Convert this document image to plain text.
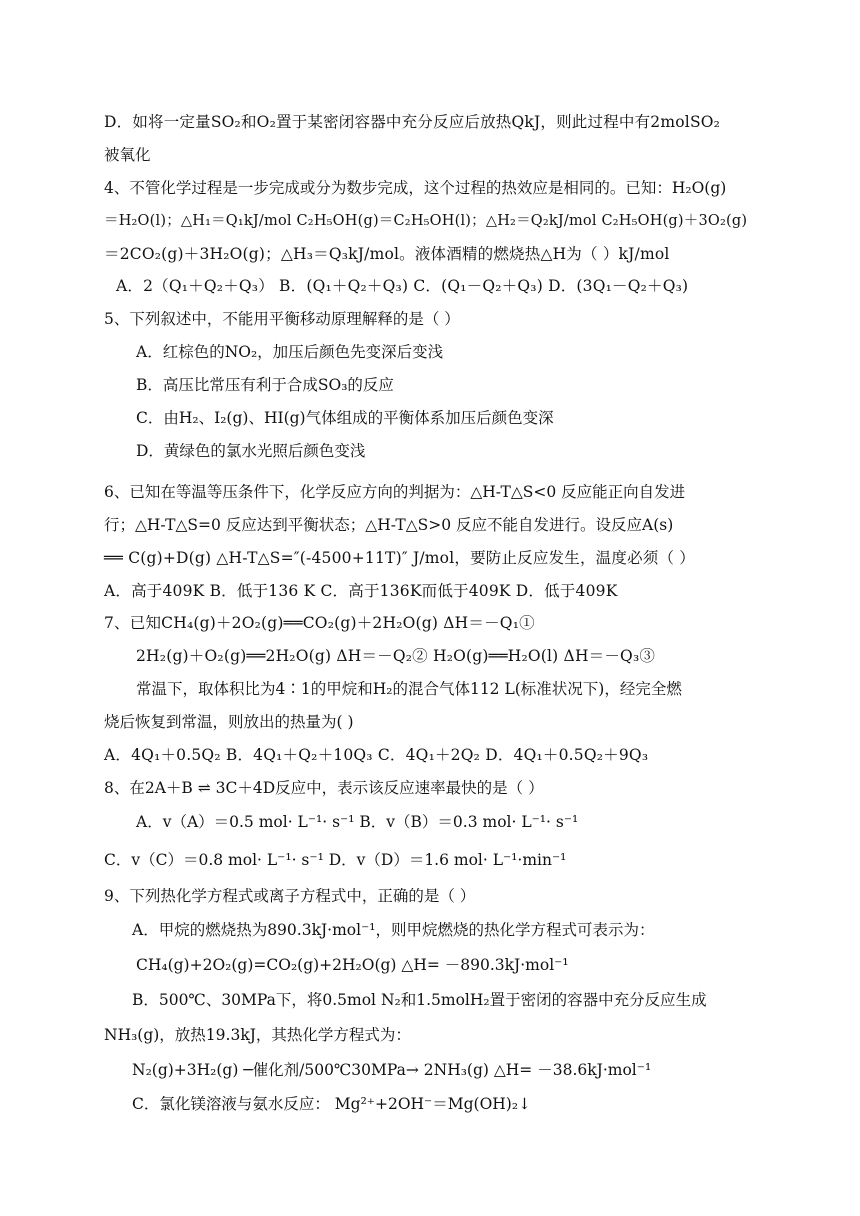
D．如将一定量SO₂和O₂置于某密闭容器中充分反应后放热QkJ，则此过程中有2molSO₂
被氧化
4、不管化学过程是一步完成或分为数步完成，这个过程的热效应是相同的。已知：H₂O(g)
＝H₂O(l)；△H₁＝Q₁kJ/mol C₂H₅OH(g)＝C₂H₅OH(l)；△H₂＝Q₂kJ/mol C₂H₅OH(g)＋3O₂(g)
＝2CO₂(g)＋3H₂O(g)；△H₃＝Q₃kJ/mol。液体酒精的燃烧热△H为（ ）kJ/mol
A．2（Q₁＋Q₂＋Q₃） B．(Q₁＋Q₂＋Q₃) C．(Q₁－Q₂＋Q₃) D．(3Q₁－Q₂＋Q₃)
5、下列叙述中，不能用平衡移动原理解释的是（ ）
A．红棕色的NO₂，加压后颜色先变深后变浅
B．高压比常压有利于合成SO₃的反应
C．由H₂、I₂(g)、HI(g)气体组成的平衡体系加压后颜色变深
D．黄绿色的氯水光照后颜色变浅
6、已知在等温等压条件下，化学反应方向的判据为：△H-T△S<0 反应能正向自发进
行；△H-T△S=0 反应达到平衡状态；△H-T△S>0 反应不能自发进行。设反应A(s)
══ C(g)+D(g) △H-T△S=″(-4500+11T)″ J/mol，要防止反应发生，温度必须（ ）
A．高于409K B．低于136 K C．高于136K而低于409K D．低于409K
7、已知CH₄(g)＋2O₂(g)══CO₂(g)＋2H₂O(g) ΔH＝－Q₁①
2H₂(g)＋O₂(g)══2H₂O(g) ΔH＝－Q₂② H₂O(g)══H₂O(l) ΔH＝－Q₃③
常温下，取体积比为4∶1的甲烷和H₂的混合气体112 L(标准状况下)，经完全燃
烧后恢复到常温，则放出的热量为( )
A．4Q₁＋0.5Q₂ B．4Q₁＋Q₂＋10Q₃ C．4Q₁＋2Q₂ D．4Q₁＋0.5Q₂＋9Q₃
8、在2A＋B ⇌ 3C＋4D反应中，表示该反应速率最快的是（ ）
A．v（A）＝0.5 mol· L⁻¹· s⁻¹ B．v（B）＝0.3 mol· L⁻¹· s⁻¹
C．v（C）＝0.8 mol· L⁻¹· s⁻¹ D．v（D）＝1.6 mol· L⁻¹·min⁻¹
9、下列热化学方程式或离子方程式中，正确的是（ ）
A．甲烷的燃烧热为890.3kJ·mol⁻¹，则甲烷燃烧的热化学方程式可表示为：
CH₄(g)+2O₂(g)=CO₂(g)+2H₂O(g) △H= －890.3kJ·mol⁻¹
B．500℃、30MPa下，将0.5mol N₂和1.5molH₂置于密闭的容器中充分反应生成
NH₃(g)，放热19.3kJ，其热化学方程式为：
N₂(g)+3H₂(g) ─催化剂/500℃30MPa→ 2NH₃(g) △H= －38.6kJ·mol⁻¹
C．氯化镁溶液与氨水反应： Mg²⁺+2OH⁻＝Mg(OH)₂↓
